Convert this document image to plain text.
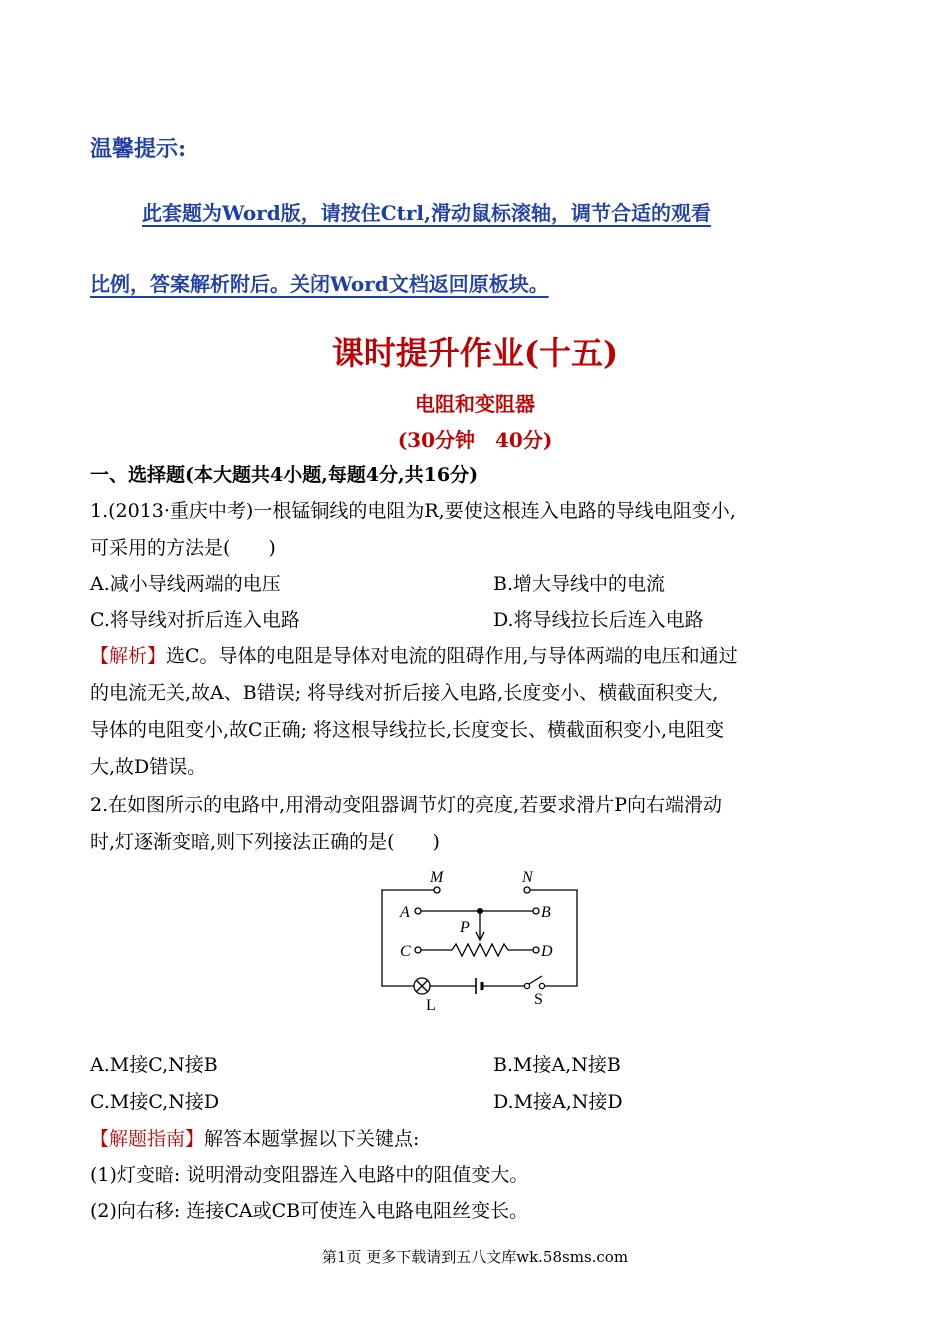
温馨提示:
此套题为Word版，请按住Ctrl,滑动鼠标滚轴，调节合适的观看
比例，答案解析附后。关闭Word文档返回原板块。
课时提升作业(十五)
电阻和变阻器
(30分钟　40分)
一、选择题(本大题共4小题,每题4分,共16分)
1.(2013·重庆中考)一根锰铜线的电阻为R,要使这根连入电路的导线电阻变小,
可采用的方法是(　　)
A.减小导线两端的电压	B.增大导线中的电流
C.将导线对折后连入电路	D.将导线拉长后连入电路
【解析】选C。导体的电阻是导体对电流的阻碍作用,与导体两端的电压和通过
的电流无关,故A、B错误; 将导线对折后接入电路,长度变小、横截面积变大,
导体的电阻变小,故C正确; 将这根导线拉长,长度变长、横截面积变小,电阻变
大,故D错误。
2.在如图所示的电路中,用滑动变阻器调节灯的亮度,若要求滑片P向右端滑动
时,灯逐渐变暗,则下列接法正确的是(　　)
M	N
A	B
C	D
P
L	S
A.M接C,N接B	B.M接A,N接B
C.M接C,N接D	D.M接A,N接D
【解题指南】解答本题掌握以下关键点:
(1)灯变暗: 说明滑动变阻器连入电路中的阻值变大。
(2)向右移: 连接CA或CB可使连入电路电阻丝变长。
第1页 更多下载请到五八文库wk.58sms.com
